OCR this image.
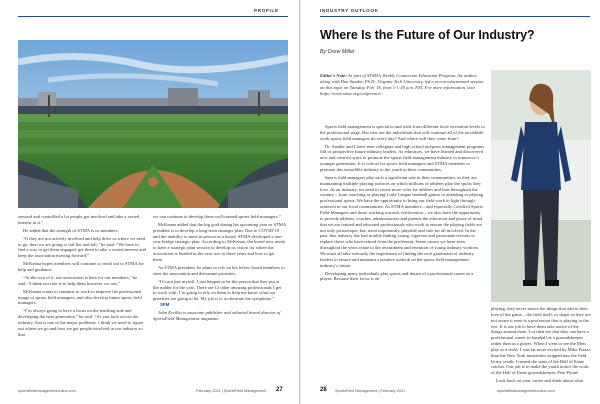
PROFILE

steward and controlled a lot people got involved and take a vested interest in it.”

He added that the strength of STMA is its members.

“If they are not actively involved and help drive us where we need to go, then we are going to fail flat and fall,” he said. “We have to find a way to get them engaged, get them to take a vested interest and keep the association moving forward.”

McKenna hopes members will continue to reach out to STMA for help and guidance.

“At the root of it, our association is here for our members,” he said. “I think our role is to help them however we can.”

McKenna wants to continue to work to improve the professional image of sports field managers, and also develop future sports field managers.

“I’m always going to have a focus on the teaching side and developing the next generation,” he said. “As you look across the industry, that is one of the major problems. I think we need to figure out where we go and how we get people involved in our industry so that

we can continue to develop these well-trained sports field managers.”

McKenna added that the big goal during his upcoming year as STMA president is to develop a long-term strategic plan. Due to COVID-19 and the inability to meet in person as a board, STMA developed a one-year bridge strategic plan. According to McKenna, the board now needs to have a strategic plan session to develop its vision for where the association is headed in the next two to three years and how to get there.

As STMA president, he plans to rely on his fellow board members to steer the association and determine priorities.

“It’s not just myself. I just happen to be the person that they put at the rudder for the year. There are 12 other amazing professionals I get to work with. I’m going to rely on them to help me know what our priorities are going to be. My job is to orchestrate the symphony.”SFM

John Ervilha is associate publisher and editorial brand director of SportsField Management magazine.

sportsfieldmanagementonline.com	February 2021 | SportsField Management 27
INDUSTRY OUTLOOK
Where Is the Future of Our Industry?
By Drew Miller
Editor’s Note: As part of STMA’s Weekly Connection Education Program, the author, along with Dan Sandor, Ph.D., Virginia Tech University, led a recent educational session on this topic on Tuesday, Feb. 16, from 1-1:45 p.m. EST. For more information, visit https://www.stma.org/conference/.

Sports field management is special to and wide from different local recreation levels to the professional stage. But who are the individuals that will continue all of the incredible work sports field managers do every day? And where will they come from?

Dr. Sandor and I have seen collegiate and high school turfgrass management programs full of prospective future industry leaders. As educators, we have learned and discovered new and creative ways to promote the sports field management industry to tomorrow’s younger generation. It is critical for sports field managers and STMA members to promote this incredible industry to the youth in their communities.

Sports field managers play such a significant role in their communities, as they are maintaining multiple playing surfaces on which millions of athletes play the sports they love. As an industry, we need to create more roles for athletes and fans throughout the country – from watching or playing Little League baseball games to attending or playing professional sports. We have the opportunity to bring our field work to light through outreach in our local communities. As STMA members – and especially Certified Sports Field Managers and those working towards certification – we also have the opportunity to provide athletes, coaches, administrators and parents the education and peace of mind that we are trained and educated professionals who work to ensure the playing fields are not only picturesque, but, most importantly, playable and safe for all involved. In the past, this industry has had trouble finding young, vigorous and passionate recruits to replace those who have retired from the profession. Some causes we have seen throughout the years relate to the recruitment and retention of young industry workers. We must all take seriously the importance of finding the next generation of industry leaders to ensure and maintain a positive outlook on the sports field management industry’s future.

Developing many individuals play sports and dream of a professional career as a player. Because their focus is on

playing, they never notice the things that add to their love of the game – the field itself, or shape so they are not aware it even is a profession that is playing to the eye. It is our job to have them take notice of the things around them. Lot then see that they can have a professional career in baseball as a groundskeeper rather than as a player. When I went to see the Mets play as a child, I was far more excited by Mike Piazza than the New York mustaches stripped into the field. In my youth, I turned the seats of the Hall of Fame catcher. Our job is to make the youth notice the work of the Hall of Fame groundskeeper, Pete Flynn!

Look back on your career and think about what

28 SportsField Management | February 2021	sportsfieldmanagementonline.com
